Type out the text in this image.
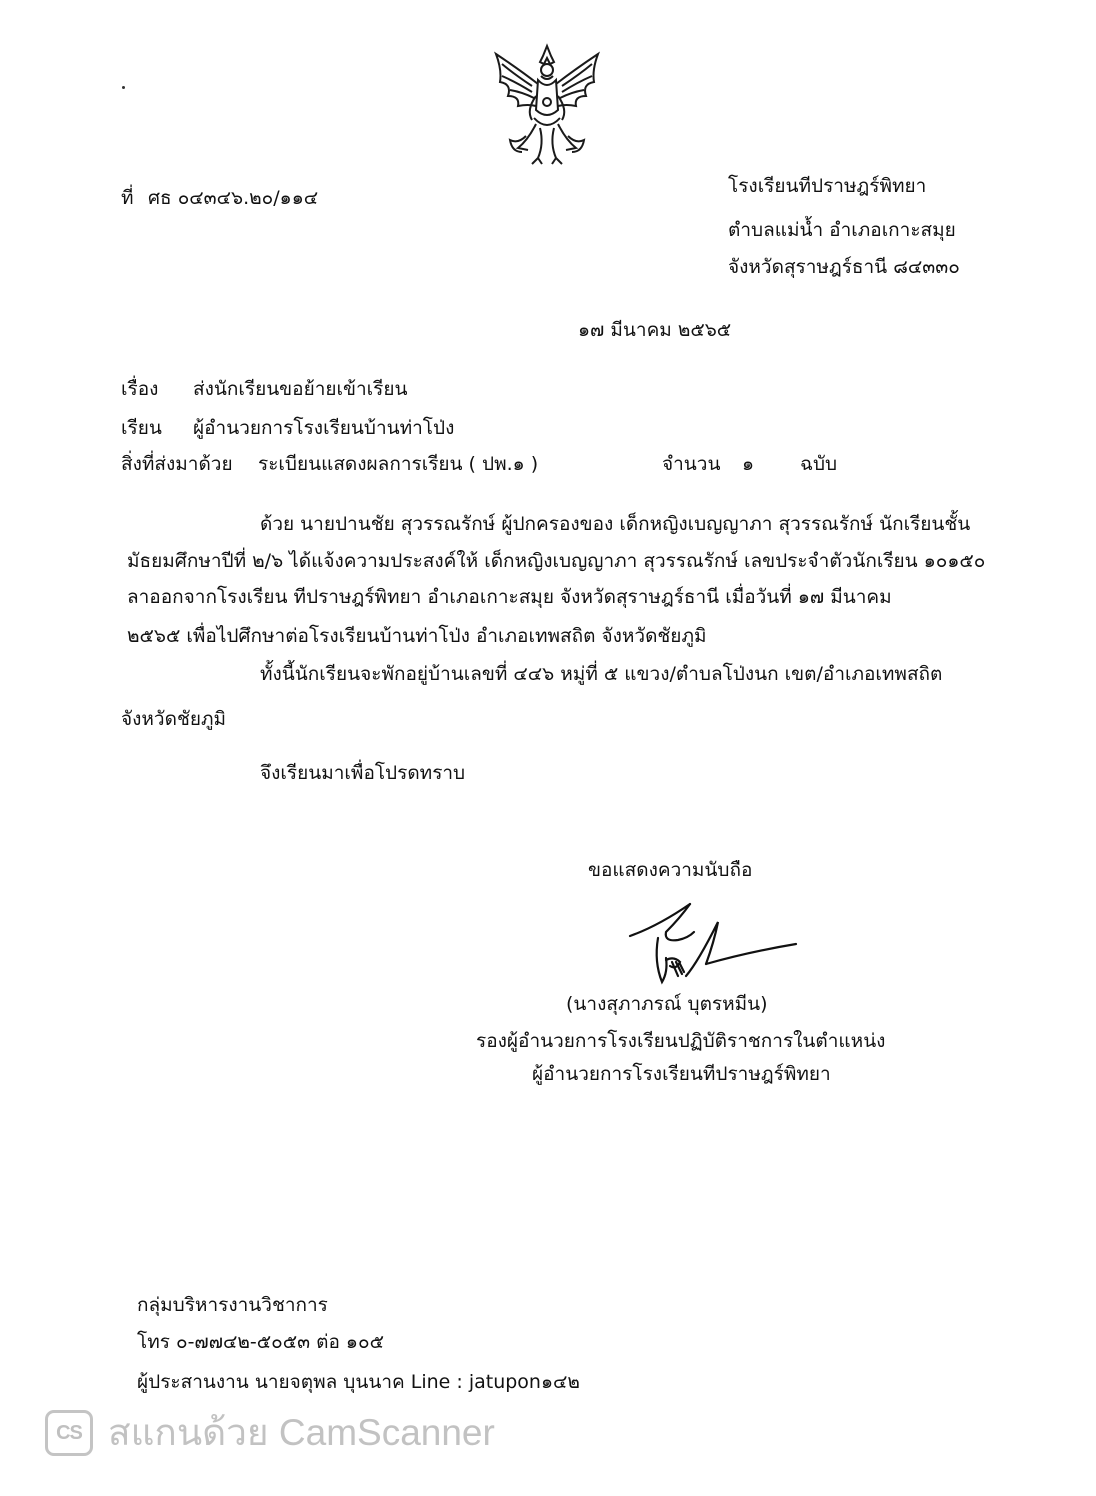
ที่ ศธ ๐๔๓๔๖.๒๐/๑๑๔
โรงเรียนทีปราษฎร์พิทยา
ตำบลแม่น้ำ อำเภอเกาะสมุย
จังหวัดสุราษฎร์ธานี ๘๔๓๓๐
๑๗ มีนาคม ๒๕๖๕
เรื่อง ส่งนักเรียนขอย้ายเข้าเรียน
เรียน ผู้อำนวยการโรงเรียนบ้านท่าโป่ง
สิ่งที่ส่งมาด้วย ระเบียนแสดงผลการเรียน ( ปพ.๑ )	จำนวน ๑ ฉบับ
ด้วย นายปานชัย สุวรรณรักษ์ ผู้ปกครองของ เด็กหญิงเบญญาภา สุวรรณรักษ์ นักเรียนชั้น
มัธยมศึกษาปีที่ ๒/๖ ได้แจ้งความประสงค์ให้ เด็กหญิงเบญญาภา สุวรรณรักษ์ เลขประจำตัวนักเรียน ๑๐๑๕๐
ลาออกจากโรงเรียน ทีปราษฎร์พิทยา อำเภอเกาะสมุย จังหวัดสุราษฎร์ธานี เมื่อวันที่ ๑๗ มีนาคม
๒๕๖๕ เพื่อไปศึกษาต่อโรงเรียนบ้านท่าโป่ง อำเภอเทพสถิต จังหวัดชัยภูมิ
ทั้งนี้นักเรียนจะพักอยู่บ้านเลขที่ ๔๔๖ หมู่ที่ ๕ แขวง/ตำบลโป่งนก เขต/อำเภอเทพสถิต
จังหวัดชัยภูมิ
จึงเรียนมาเพื่อโปรดทราบ
ขอแสดงความนับถือ
(นางสุภาภรณ์ บุตรหมีน)
รองผู้อำนวยการโรงเรียนปฏิบัติราชการในตำแหน่ง
ผู้อำนวยการโรงเรียนทีปราษฎร์พิทยา
กลุ่มบริหารงานวิชาการ
โทร ๐-๗๗๔๒-๕๐๕๓ ต่อ ๑๐๕
ผู้ประสานงาน นายจตุพล บุนนาค Line : jatupon๑๔๒
CS สแกนด้วย CamScanner
